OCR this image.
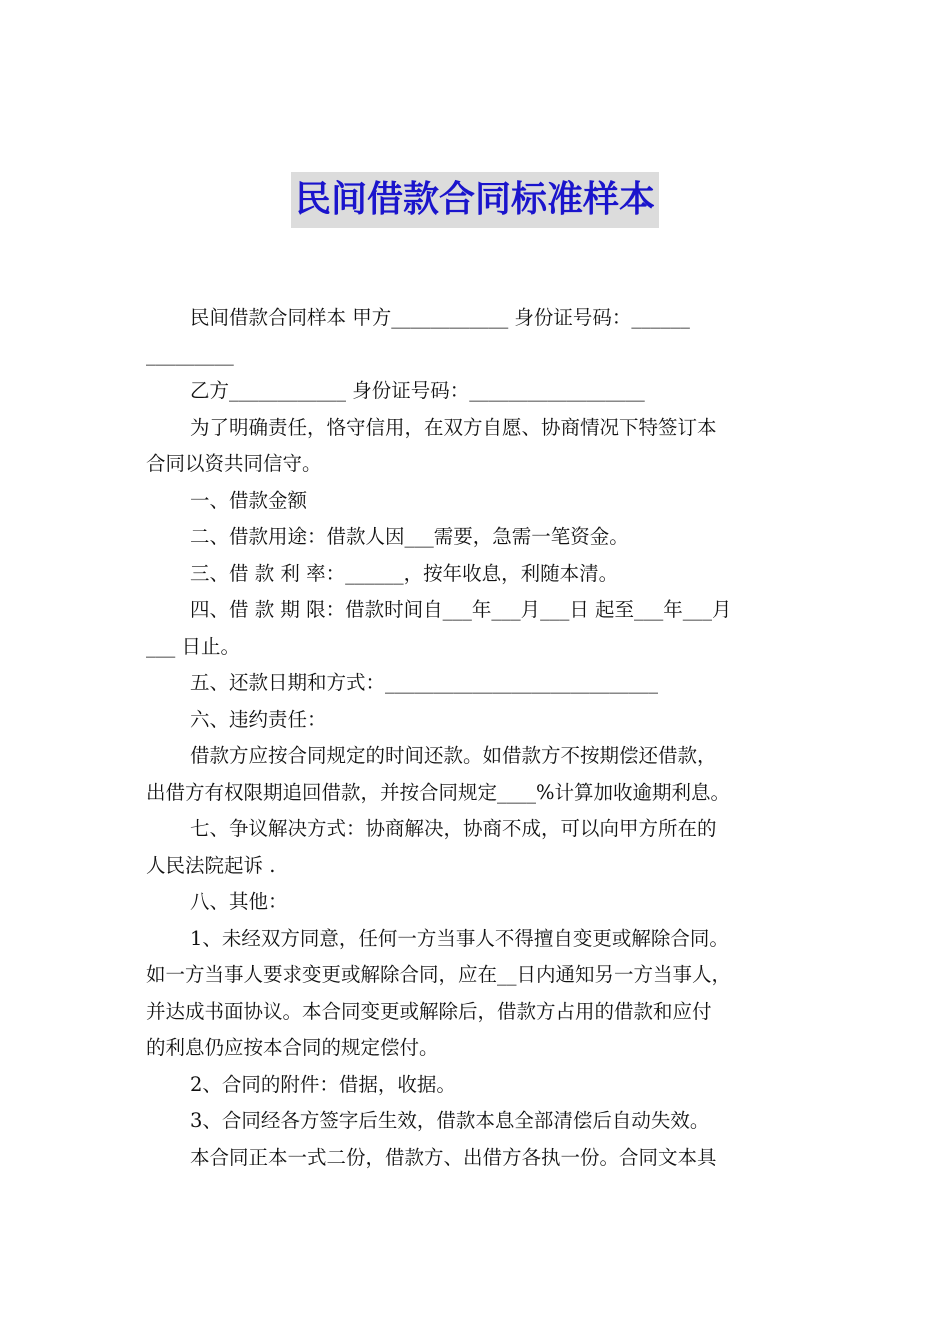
民间借款合同标准样本

民间借款合同样本 甲方____________ 身份证号码：______

_________

乙方____________ 身份证号码：__________________

为了明确责任，恪守信用，在双方自愿、协商情况下特签订本

合同以资共同信守。

一、借款金额

二、借款用途：借款人因___需要，急需一笔资金。

三、借 款 利 率：______，按年收息，利随本清。

四、借 款 期 限：借款时间自___年___月___日 起至___年___月

___ 日止。

五、还款日期和方式：____________________________

六、违约责任：

借款方应按合同规定的时间还款。如借款方不按期偿还借款，

出借方有权限期追回借款，并按合同规定____%计算加收逾期利息。

七、争议解决方式：协商解决，协商不成，可以向甲方所在的

人民法院起诉 .

八、其他：

1、未经双方同意，任何一方当事人不得擅自变更或解除合同。

如一方当事人要求变更或解除合同，应在__日内通知另一方当事人，

并达成书面协议。本合同变更或解除后，借款方占用的借款和应付

的利息仍应按本合同的规定偿付。

2、合同的附件：借据，收据。

3、合同经各方签字后生效，借款本息全部清偿后自动失效。

本合同正本一式二份，借款方、出借方各执一份。合同文本具
